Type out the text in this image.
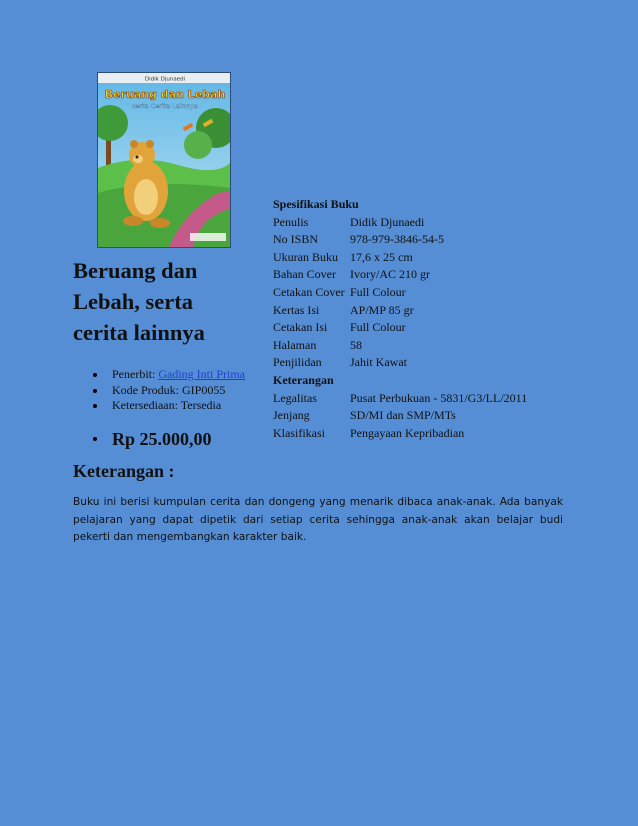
Didik Djunaedi
Beruang dan Lebah
serta Cerita Lainnya
Beruang dan Lebah, serta cerita lainnya
Penerbit: Gading Inti Prima
Kode Produk: GIP0055
Ketersediaan: Tersedia
Rp 25.000,00
Spesifikasi Buku	
Penulis	Didik Djunaedi
No ISBN	978-979-3846-54-5
Ukuran Buku	17,6 x 25 cm
Bahan Cover	Ivory/AC 210 gr
Cetakan Cover	Full Colour
Kertas Isi	AP/MP 85 gr
Cetakan Isi	Full Colour
Halaman	58
Penjilidan	Jahit Kawat
Keterangan	
Legalitas	Pusat Perbukuan - 5831/G3/LL/2011
Jenjang	SD/MI dan SMP/MTs
Klasifikasi	Pengayaan Kepribadian
Keterangan :

Buku ini berisi kumpulan cerita dan dongeng yang menarik dibaca anak-anak. Ada banyak pelajaran yang dapat dipetik dari setiap cerita sehingga anak-anak akan belajar budi pekerti dan mengembangkan karakter baik.
